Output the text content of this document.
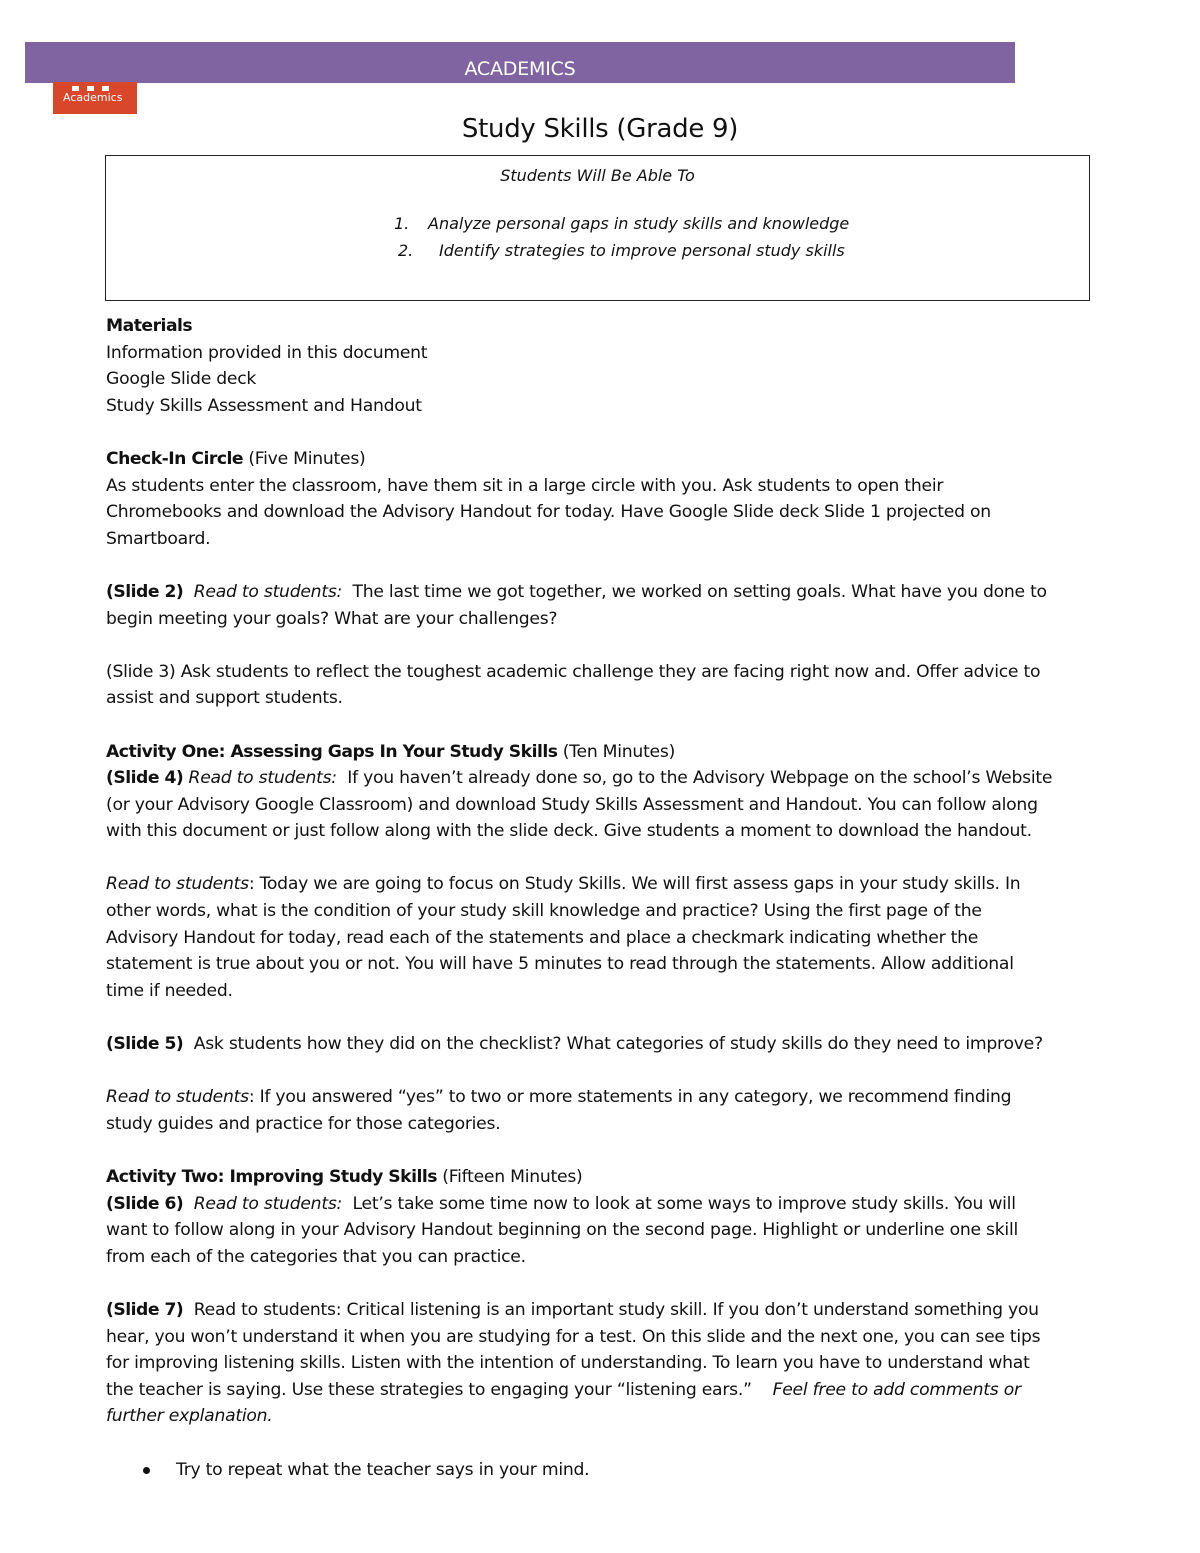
ACADEMICS
Academics
Study Skills (Grade 9)
Students Will Be Able To
1. Analyze personal gaps in study skills and knowledge
2. Identify strategies to improve personal study skills

Materials
Information provided in this document
Google Slide deck
Study Skills Assessment and Handout

Check-In Circle (Five Minutes)
As students enter the classroom, have them sit in a large circle with you. Ask students to open their
Chromebooks and download the Advisory Handout for today. Have Google Slide deck Slide 1 projected on
Smartboard.

(Slide 2) Read to students: The last time we got together, we worked on setting goals. What have you done to
begin meeting your goals? What are your challenges?

(Slide 3) Ask students to reflect the toughest academic challenge they are facing right now and. Offer advice to
assist and support students.

Activity One: Assessing Gaps In Your Study Skills (Ten Minutes)

(Slide 4) Read to students: If you haven’t already done so, go to the Advisory Webpage on the school’s Website
(or your Advisory Google Classroom) and download Study Skills Assessment and Handout. You can follow along
with this document or just follow along with the slide deck. Give students a moment to download the handout.

Read to students: Today we are going to focus on Study Skills. We will first assess gaps in your study skills. In
other words, what is the condition of your study skill knowledge and practice? Using the first page of the
Advisory Handout for today, read each of the statements and place a checkmark indicating whether the
statement is true about you or not. You will have 5 minutes to read through the statements. Allow additional
time if needed.

(Slide 5) Ask students how they did on the checklist? What categories of study skills do they need to improve?

Read to students: If you answered “yes” to two or more statements in any category, we recommend finding
study guides and practice for those categories.

Activity Two: Improving Study Skills (Fifteen Minutes)

(Slide 6) Read to students: Let’s take some time now to look at some ways to improve study skills. You will
want to follow along in your Advisory Handout beginning on the second page. Highlight or underline one skill
from each of the categories that you can practice.

(Slide 7) Read to students: Critical listening is an important study skill. If you don’t understand something you
hear, you won’t understand it when you are studying for a test. On this slide and the next one, you can see tips
for improving listening skills. Listen with the intention of understanding. To learn you have to understand what
the teacher is saying. Use these strategies to engaging your “listening ears.” Feel free to add comments or
further explanation.

Try to repeat what the teacher says in your mind.
